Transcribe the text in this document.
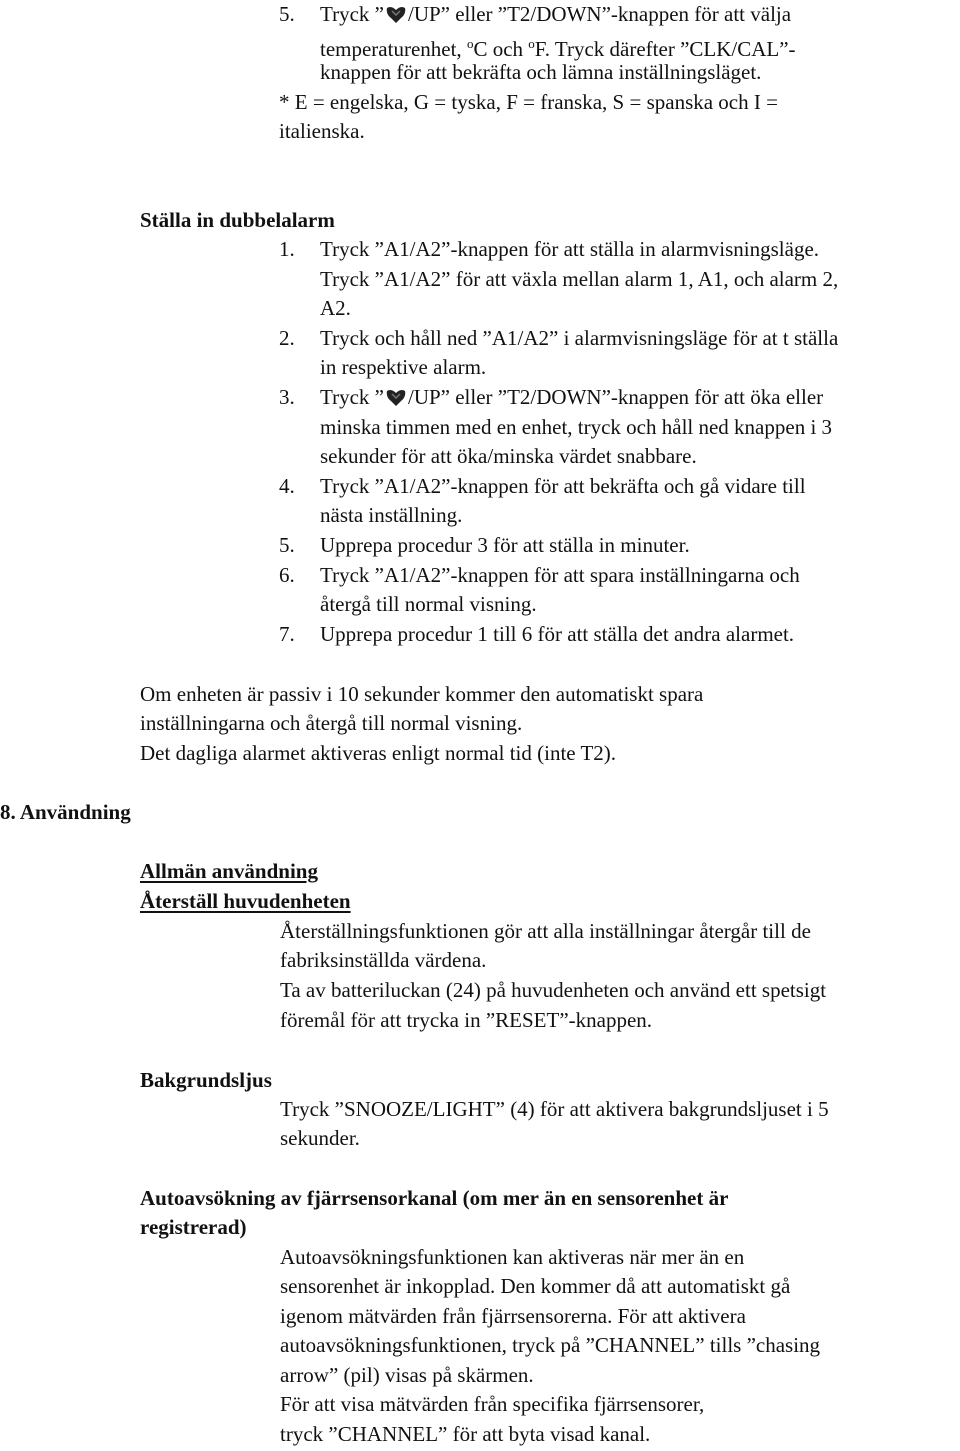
5. Tryck ” /UP” eller ”T2/DOWN”-knappen för att välja
temperaturenhet, $^o$C och $^o$F. Tryck därefter ”CLK/CAL”-
knappen för att bekräfta och lämna inställningsläget.
* E = engelska, G = tyska, F = franska, S = spanska och I =
italienska.
Ställa in dubbelalarm
1. Tryck ”A1/A2”-knappen för att ställa in alarmvisningsläge.
Tryck ”A1/A2” för att växla mellan alarm 1, A1, och alarm 2,
A2.
2. Tryck och håll ned ”A1/A2” i alarmvisningsläge för at t ställa
in respektive alarm.
3. Tryck ” /UP” eller ”T2/DOWN”-knappen för att öka eller
minska timmen med en enhet, tryck och håll ned knappen i 3
sekunder för att öka/minska värdet snabbare.
4. Tryck ”A1/A2”-knappen för att bekräfta och gå vidare till
nästa inställning.
5. Upprepa procedur 3 för att ställa in minuter.
6. Tryck ”A1/A2”-knappen för att spara inställningarna och
återgå till normal visning.
7. Upprepa procedur 1 till 6 för att ställa det andra alarmet.
Om enheten är passiv i 10 sekunder kommer den automatiskt spara
inställningarna och återgå till normal visning.
Det dagliga alarmet aktiveras enligt normal tid (inte T2).
8. Användning
Allmän användning
Återställ huvudenheten
Återställningsfunktionen gör att alla inställningar återgår till de
fabriksinställda värdena.
Ta av batteriluckan (24) på huvudenheten och använd ett spetsigt
föremål för att trycka in ”RESET”-knappen.
Bakgrundsljus
Tryck ”SNOOZE/LIGHT” (4) för att aktivera bakgrundsljuset i 5
sekunder.
Autoavsökning av fjärrsensorkanal (om mer än en sensorenhet är
registrerad)
Autoavsökningsfunktionen kan aktiveras när mer än en
sensorenhet är inkopplad. Den kommer då att automatiskt gå
igenom mätvärden från fjärrsensorerna. För att aktivera
autoavsökningsfunktionen, tryck på ”CHANNEL” tills ”chasing
arrow” (pil) visas på skärmen.
För att visa mätvärden från specifika fjärrsensorer,
tryck ”CHANNEL” för att byta visad kanal.
